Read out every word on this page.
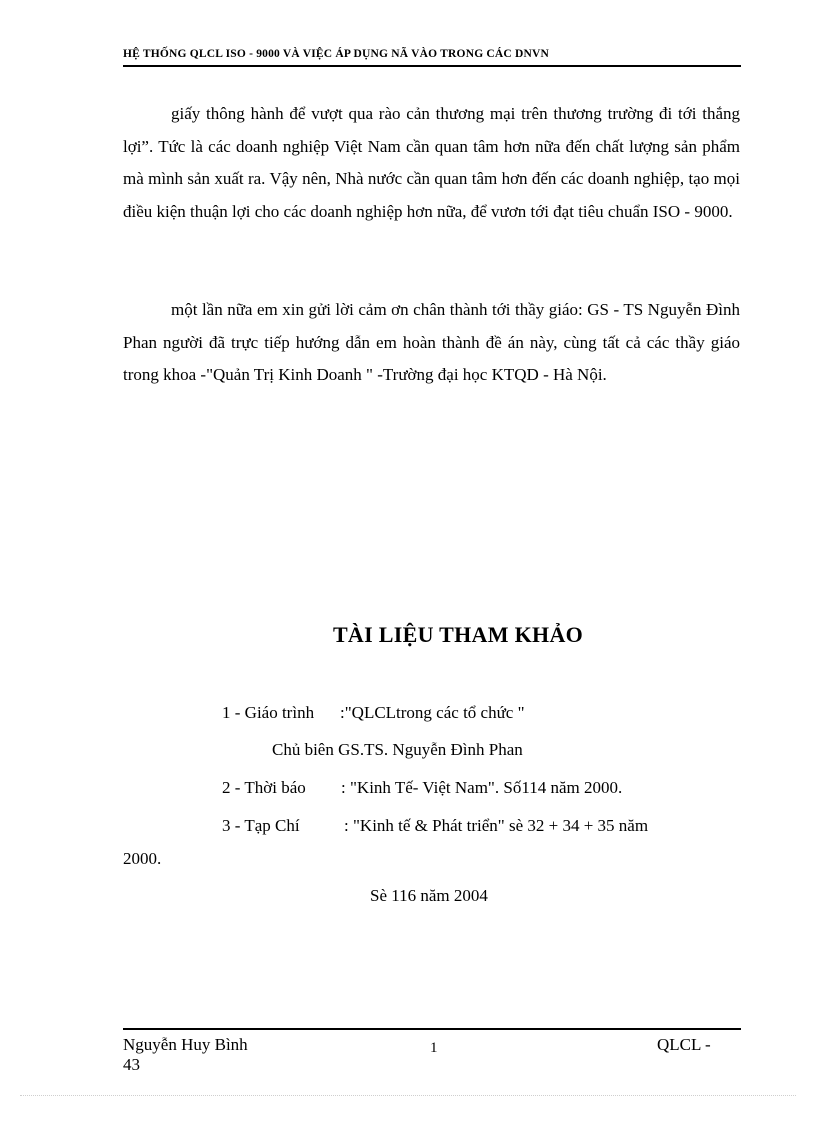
HỆ THỐNG QLCL ISO - 9000 VÀ VIỆC ÁP DỤNG NÃ VÀO TRONG CÁC DNVN

giấy thông hành để vượt qua rào cản thương mại trên thương trường đi tới thắng lợi”. Tức là các doanh nghiệp Việt Nam cần quan tâm hơn nữa đến chất lượng sản phẩm mà mình sản xuất ra. Vậy nên, Nhà nước cần quan tâm hơn đến các doanh nghiệp, tạo mọi điều kiện thuận lợi cho các doanh nghiệp hơn nữa, để vươn tới đạt tiêu chuẩn ISO - 9000.

một lần nữa em xin gửi lời cảm ơn chân thành tới thầy giáo: GS - TS Nguyễn Đình Phan người đã trực tiếp hướng dẫn em hoàn thành đề án này, cùng tất cả các thầy giáo trong khoa -"Quản Trị Kinh Doanh " -Trường đại học KTQD - Hà Nội.

TÀI LIỆU THAM KHẢO
1 - Giáo trình :"QLCLtrong các tổ chức "
Chủ biên GS.TS. Nguyễn Đình Phan
2 - Thời báo : "Kinh Tế- Việt Nam". Số114 năm 2000.
3 - Tạp Chí	: "Kinh tế & Phát triển" sè 32 + 34 + 35 năm
2000.
Sè 116 năm 2004
Nguyễn Huy Bình
43
1	QLCL -
